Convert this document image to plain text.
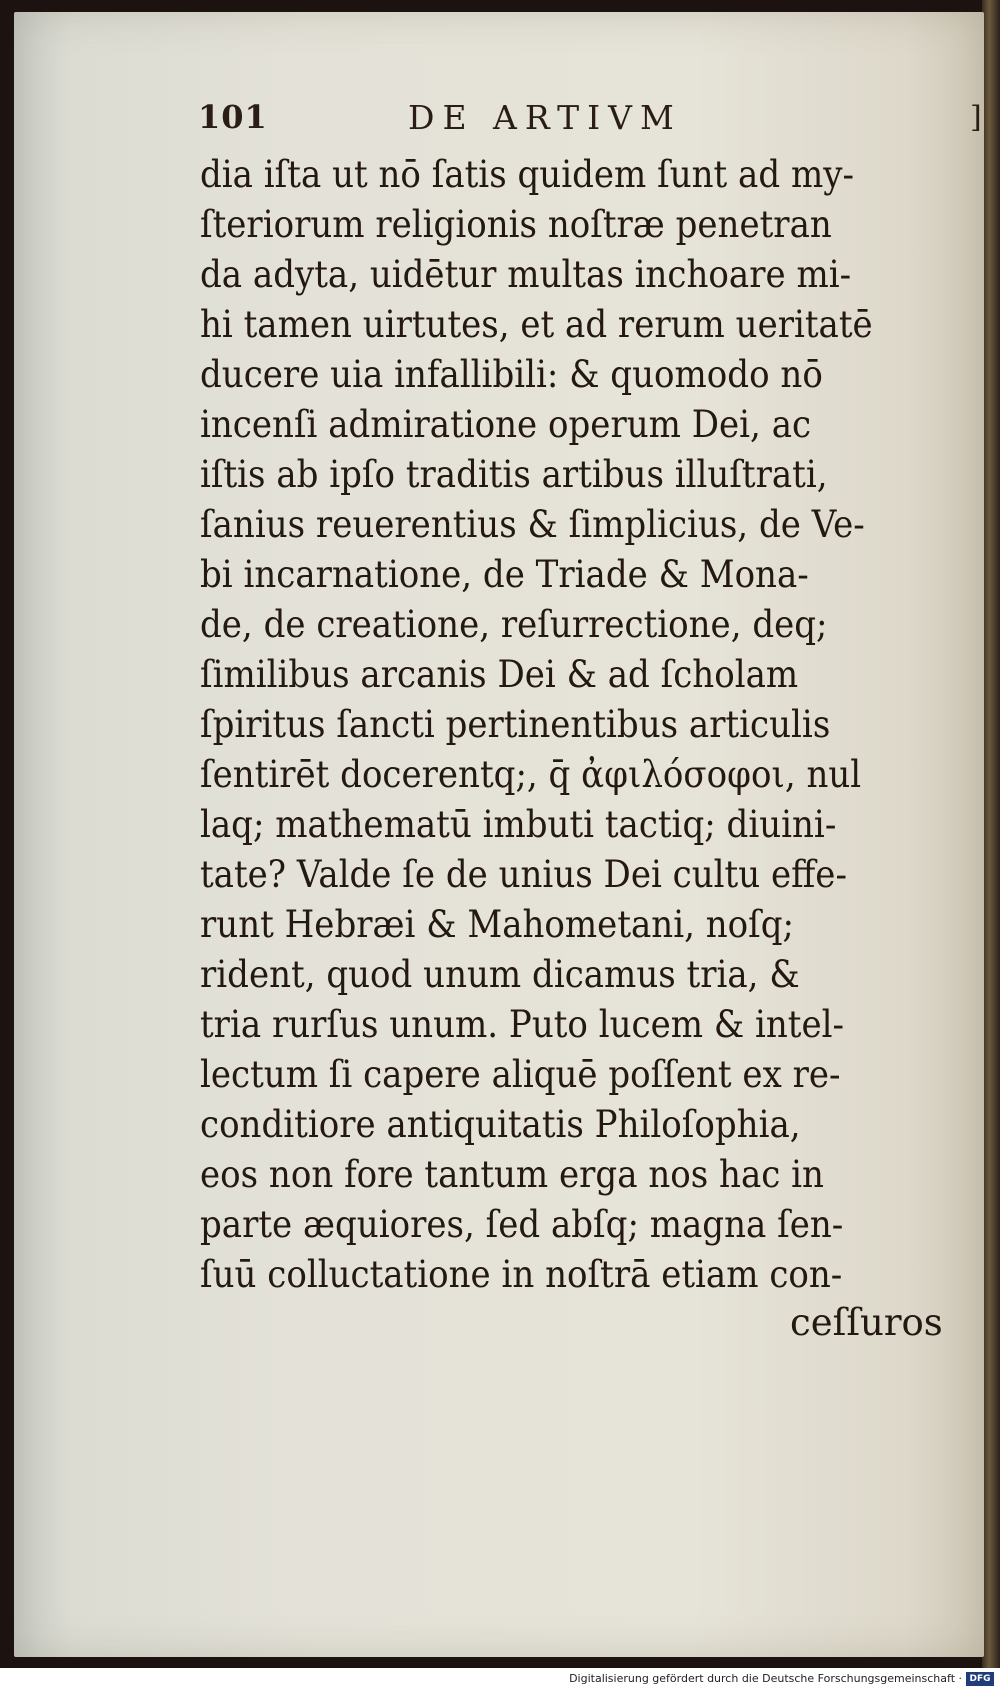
101	DE ARTIVM	]
dia iſta ut nō ſatis quidem ſunt ad my-
ſteriorum religionis noſtræ penetran
da adyta, uidētur multas inchoare mi-
hi tamen uirtutes, et ad rerum ueritatē
ducere uia infallibili: & quomodo nō
incenſi admiratione operum Dei, ac
iſtis ab ipſo traditis artibus illuſtrati,
ſanius reuerentius & ſimplicius, de Ve-
bi incarnatione, de Triade & Mona-
de, de creatione, reſurrectione, deq;
ſimilibus arcanis Dei & ad ſcholam
ſpiritus ſancti pertinentibus articulis
ſentirēt docerentq;, q̄ ἀφιλόσοφοι, nul
laq; mathematū imbuti tactiq; diuini-
tate? Valde ſe de unius Dei cultu effe-
runt Hebræi & Mahometani, noſq;
rident, quod unum dicamus tria, &
tria rurſus unum. Puto lucem & intel-
lectum ſi capere aliquē poſſent ex re-
conditiore antiquitatis Philoſophia,
eos non fore tantum erga nos hac in
parte æquiores, ſed abſq; magna ſen-
ſuū colluctatione in noſtrā etiam con-
ceſſuros
Digitalisierung gefördert durch die Deutsche Forschungsgemeinschaft · DFG
